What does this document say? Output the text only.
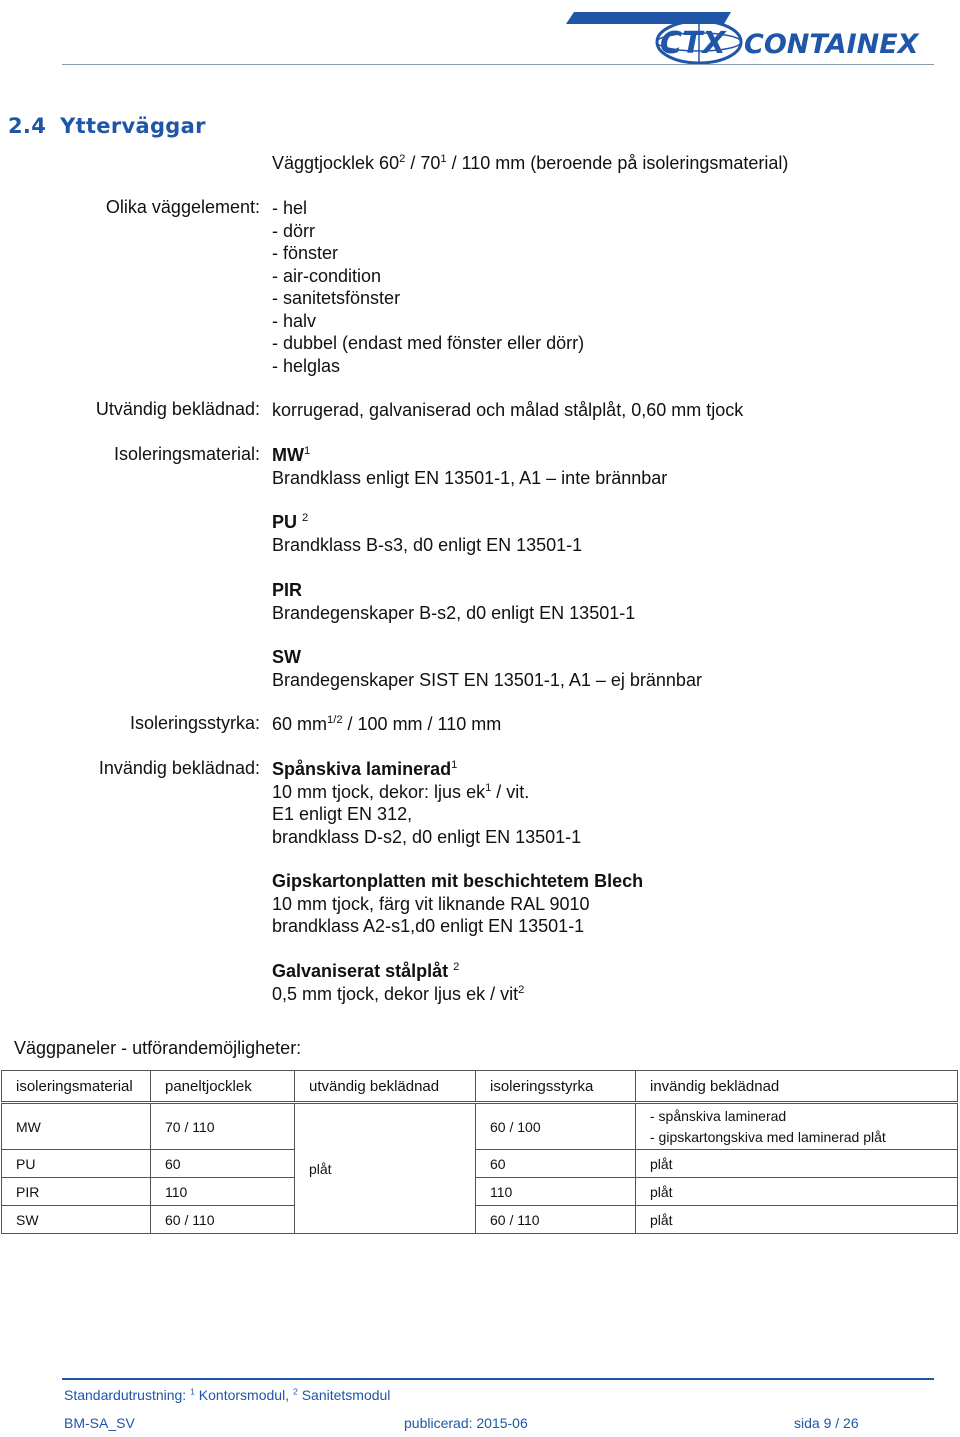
CTX CONTAINEX
2.4 Ytterväggar
Väggtjocklek $60^2 / 70^1 / 110$ mm (beroende på isoleringsmaterial)
Olika väggelement: - hel
- dörr
- fönster
- air-condition
- sanitetsfönster
- halv
- dubbel (endast med fönster eller dörr)
- helglas
Utvändig beklädnad: korrugerad, galvaniserad och målad stålplåt, 0,60 mm tjock
Isoleringsmaterial: $MW^1$
Brandklass enligt EN 13501-1, A1 – inte brännbar
PU $^2$
Brandklass B-s3, d0 enligt EN 13501-1
PIR
Brandegenskaper B-s2, d0 enligt EN 13501-1
SW
Brandegenskaper SIST EN 13501-1, A1 – ej brännbar
Isoleringsstyrka: 60 $mm^{1/2} / 100$ mm / 110 mm
Invändig beklädnad: Spånskiva laminerad$^1$
10 mm tjock, dekor: ljus $ek^1$ / vit.
E1 enligt EN 312,
brandklass D-s2, d0 enligt EN 13501-1
Gipskartonplatten mit beschichtetem Blech
10 mm tjock, färg vit liknande RAL 9010
brandklass A2-s1,d0 enligt EN 13501-1
Galvaniserat stålplåt $^2$
0,5 mm tjock, dekor ljus ek / vit$^2$
Väggpaneler - utförandemöjligheter:
isoleringsmaterial	paneltjocklek	utvändig beklädnad	isoleringsstyrka	invändig beklädnad

MW	70 / 110	plåt	60 / 100	- spånskiva laminerad
- gipskartongskiva med laminerad plåt

PU	60		60	plåt
PIR	110		110	plåt
SW	60 / 110		60 / 110	plåt
Standardutrustning: $^1$ Kontorsmodul, $^2$ Sanitetsmodul
BM-SA_SV	publicerad: 2015-06	sida 9 / 26
